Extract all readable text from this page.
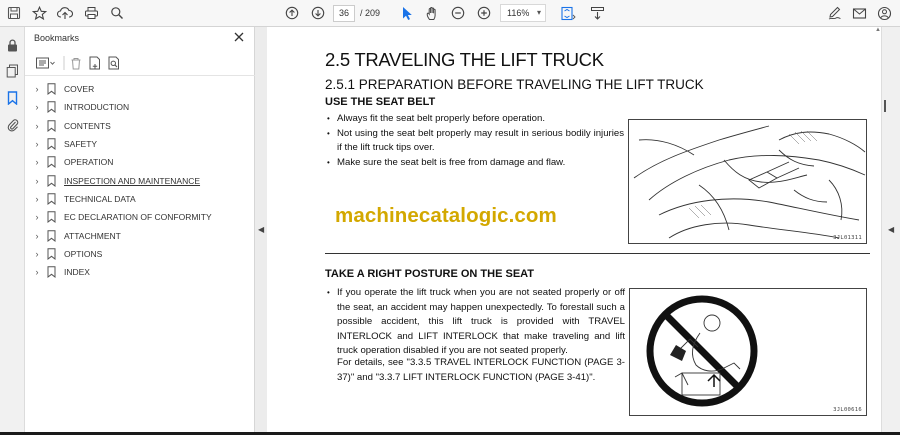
36	/ 209	116% ▾
Bookmarks
›	COVER
›	INTRODUCTION
›	CONTENTS
›	SAFETY
›	OPERATION
›	INSPECTION AND MAINTENANCE
›	TECHNICAL DATA
›	EC DECLARATION OF CONFORMITY
›	ATTACHMENT
›	OPTIONS
›	INDEX
◀
2.5 TRAVELING THE LIFT TRUCK
2.5.1 PREPARATION BEFORE TRAVELING THE LIFT TRUCK
USE THE SEAT BELT
• Always fit the seat belt properly before operation.
• Not using the seat belt properly may result in serious bodily injuries if the lift truck tips over.
• Make sure the seat belt is free from damage and flaw.
3JL01311
machinecatalogic.com
TAKE A RIGHT POSTURE ON THE SEAT
• If you operate the lift truck when you are not seated properly or off the seat, an accident may happen unexpectedly. To forestall such a possible accident, this lift truck is provided with TRAVEL INTERLOCK and LIFT INTERLOCK that make traveling and lift truck operation disabled if you are not seated properly.
For details, see "3.3.5 TRAVEL INTERLOCK FUNCTION (PAGE 3-37)" and "3.3.7 LIFT INTERLOCK FUNCTION (PAGE 3-41)".
3JL00616
▲
◀
